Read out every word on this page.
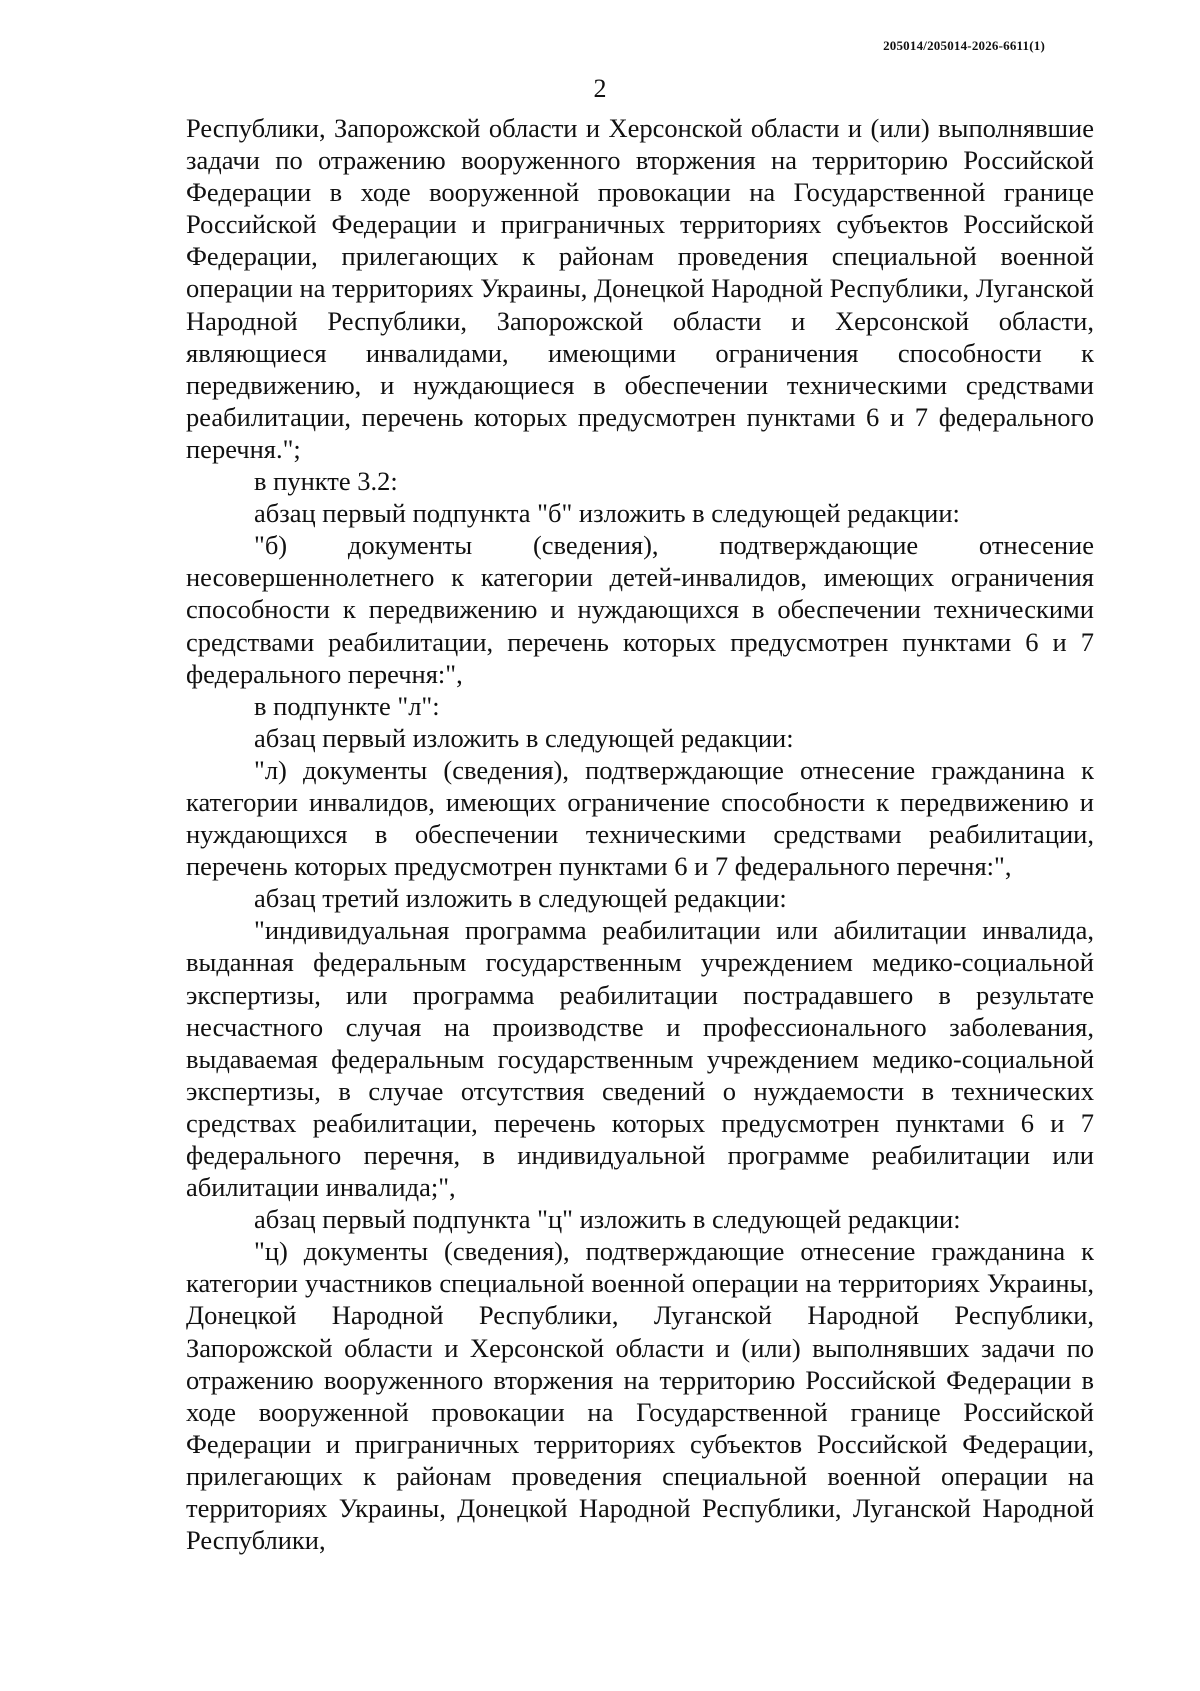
205014/205014-2026-6611(1)
2

Республики, Запорожской области и Херсонской области и (или) выполнявшие задачи по отражению вооруженного вторжения на территорию Российской Федерации в ходе вооруженной провокации на Государственной границе Российской Федерации и приграничных территориях субъектов Российской Федерации, прилегающих к районам проведения специальной военной операции на территориях Украины, Донецкой Народной Республики, Луганской Народной Республики, Запорожской области и Херсонской области, являющиеся инвалидами, имеющими ограничения способности к передвижению, и нуждающиеся в обеспечении техническими средствами реабилитации, перечень которых предусмотрен пунктами 6 и 7 федерального перечня.";

в пункте 3.2:

абзац первый подпункта "б" изложить в следующей редакции:

"б) документы (сведения), подтверждающие отнесение несовершеннолетнего к категории детей-инвалидов, имеющих ограничения способности к передвижению и нуждающихся в обеспечении техническими средствами реабилитации, перечень которых предусмотрен пунктами 6 и 7 федерального перечня:",

в подпункте "л":

абзац первый изложить в следующей редакции:

"л) документы (сведения), подтверждающие отнесение гражданина к категории инвалидов, имеющих ограничение способности к передвижению и нуждающихся в обеспечении техническими средствами реабилитации, перечень которых предусмотрен пунктами 6 и 7 федерального перечня:",

абзац третий изложить в следующей редакции:

"индивидуальная программа реабилитации или абилитации инвалида, выданная федеральным государственным учреждением медико-социальной экспертизы, или программа реабилитации пострадавшего в результате несчастного случая на производстве и профессионального заболевания, выдаваемая федеральным государственным учреждением медико-социальной экспертизы, в случае отсутствия сведений о нуждаемости в технических средствах реабилитации, перечень которых предусмотрен пунктами 6 и 7 федерального перечня, в индивидуальной программе реабилитации или абилитации инвалида;",

абзац первый подпункта "ц" изложить в следующей редакции:

"ц) документы (сведения), подтверждающие отнесение гражданина к категории участников специальной военной операции на территориях Украины, Донецкой Народной Республики, Луганской Народной Республики, Запорожской области и Херсонской области и (или) выполнявших задачи по отражению вооруженного вторжения на территорию Российской Федерации в ходе вооруженной провокации на Государственной границе Российской Федерации и приграничных территориях субъектов Российской Федерации, прилегающих к районам проведения специальной военной операции на территориях Украины, Донецкой Народной Республики, Луганской Народной Республики,
